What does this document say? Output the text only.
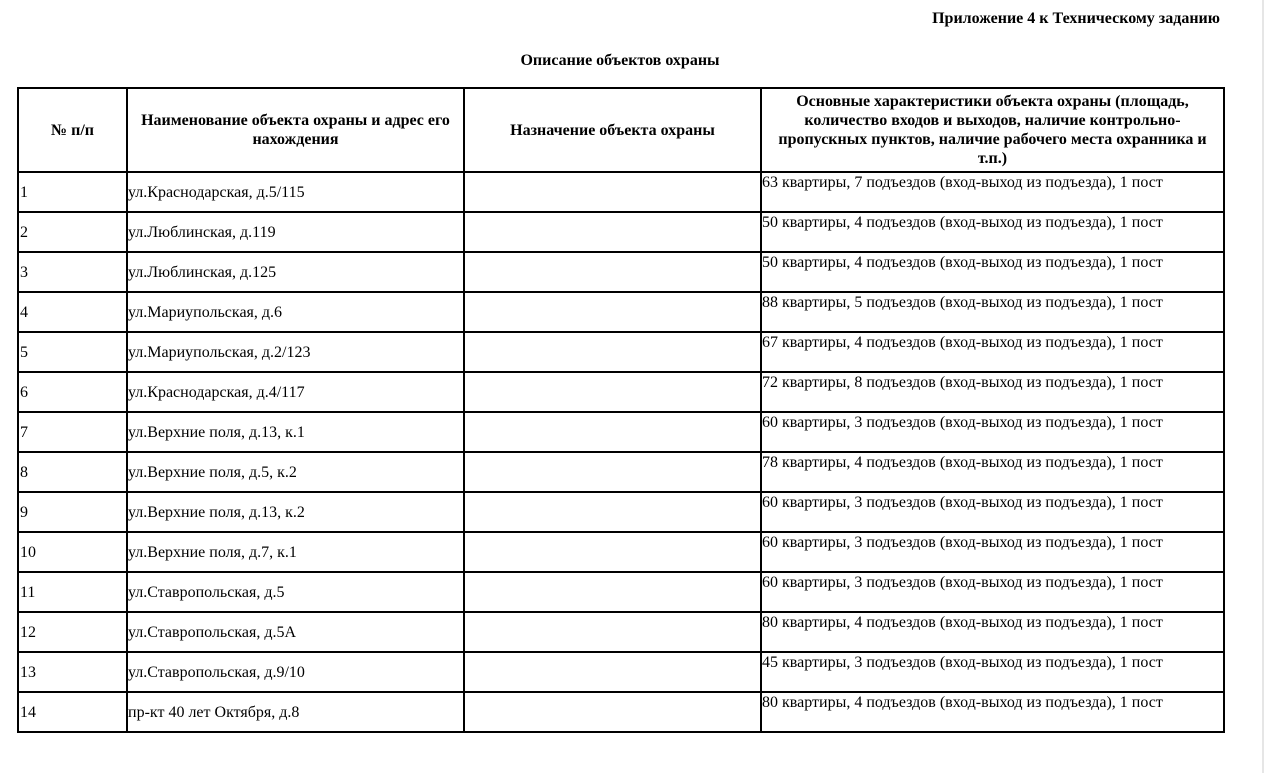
Приложение 4 к Техническому заданию
Описание объектов охраны
№ п/п	Наименование объекта охраны и адрес его нахождения	Назначение объекта охраны	Основные характеристики объекта охраны (площадь, количество входов и выходов, наличие контрольно-пропускных пунктов, наличие рабочего места охранника и т.п.)
1	ул.Краснодарская, д.5/115		63 квартиры, 7 подъездов (вход-выход из подъезда), 1 пост
2	ул.Люблинская, д.119		50 квартиры, 4 подъездов (вход-выход из подъезда), 1 пост
3	ул.Люблинская, д.125		50 квартиры, 4 подъездов (вход-выход из подъезда), 1 пост
4	ул.Мариупольская, д.6		88 квартиры, 5 подъездов (вход-выход из подъезда), 1 пост
5	ул.Мариупольская, д.2/123		67 квартиры, 4 подъездов (вход-выход из подъезда), 1 пост
6	ул.Краснодарская, д.4/117		72 квартиры, 8 подъездов (вход-выход из подъезда), 1 пост
7	ул.Верхние поля, д.13, к.1		60 квартиры, 3 подъездов (вход-выход из подъезда), 1 пост
8	ул.Верхние поля, д.5, к.2		78 квартиры, 4 подъездов (вход-выход из подъезда), 1 пост
9	ул.Верхние поля, д.13, к.2		60 квартиры, 3 подъездов (вход-выход из подъезда), 1 пост
10	ул.Верхние поля, д.7, к.1		60 квартиры, 3 подъездов (вход-выход из подъезда), 1 пост
11	ул.Ставропольская, д.5		60 квартиры, 3 подъездов (вход-выход из подъезда), 1 пост
12	ул.Ставропольская, д.5А		80 квартиры, 4 подъездов (вход-выход из подъезда), 1 пост
13	ул.Ставропольская, д.9/10		45 квартиры, 3 подъездов (вход-выход из подъезда), 1 пост
14	пр-кт 40 лет Октября, д.8		80 квартиры, 4 подъездов (вход-выход из подъезда), 1 пост
